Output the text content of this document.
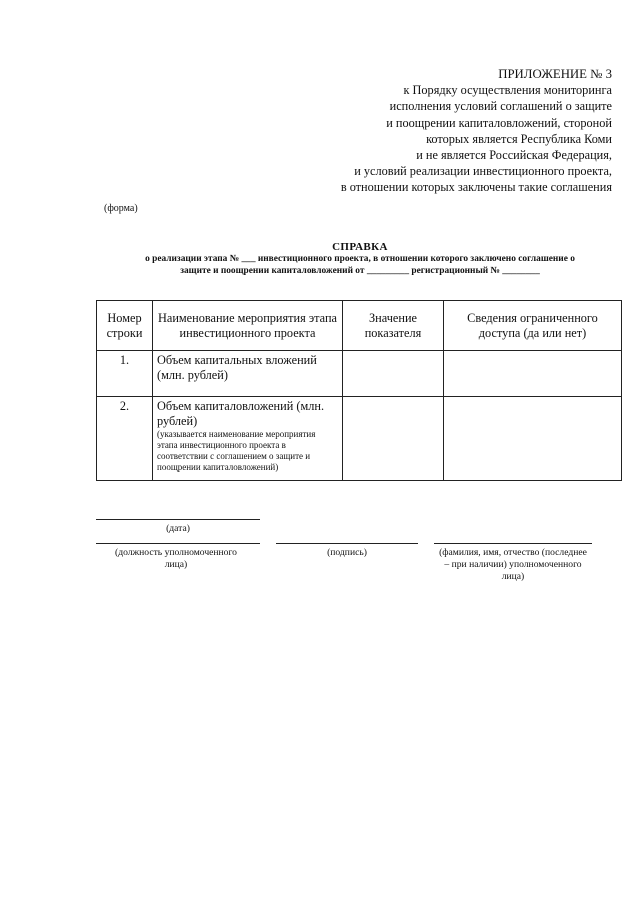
ПРИЛОЖЕНИЕ № 3
к Порядку осуществления мониторинга
исполнения условий соглашений о защите
и поощрении капиталовложений, стороной
которых является Республика Коми
и не является Российская Федерация,
и условий реализации инвестиционного проекта,
в отношении которых заключены такие соглашения
(форма)
СПРАВКА
о реализации этапа № ___ инвестиционного проекта, в отношении которого заключено соглашение о
защите и поощрении капиталовложений от _________ регистрационный № ________
Номер строки	Наименование мероприятия этапа инвестиционного проекта	Значение показателя	Сведения ограниченного доступа (да или нет)
1.	Объем капитальных вложений (млн. рублей)		

2.	Объем капиталовложений (млн. рублей)
(указывается наименование мероприятия этапа инвестиционного проекта в соответствии с соглашением о защите и поощрении капиталовложений)		

(дата)
(должность уполномоченного лица)
(подпись)	(фамилия, имя, отчество (последнее – при наличии) уполномоченного лица)
